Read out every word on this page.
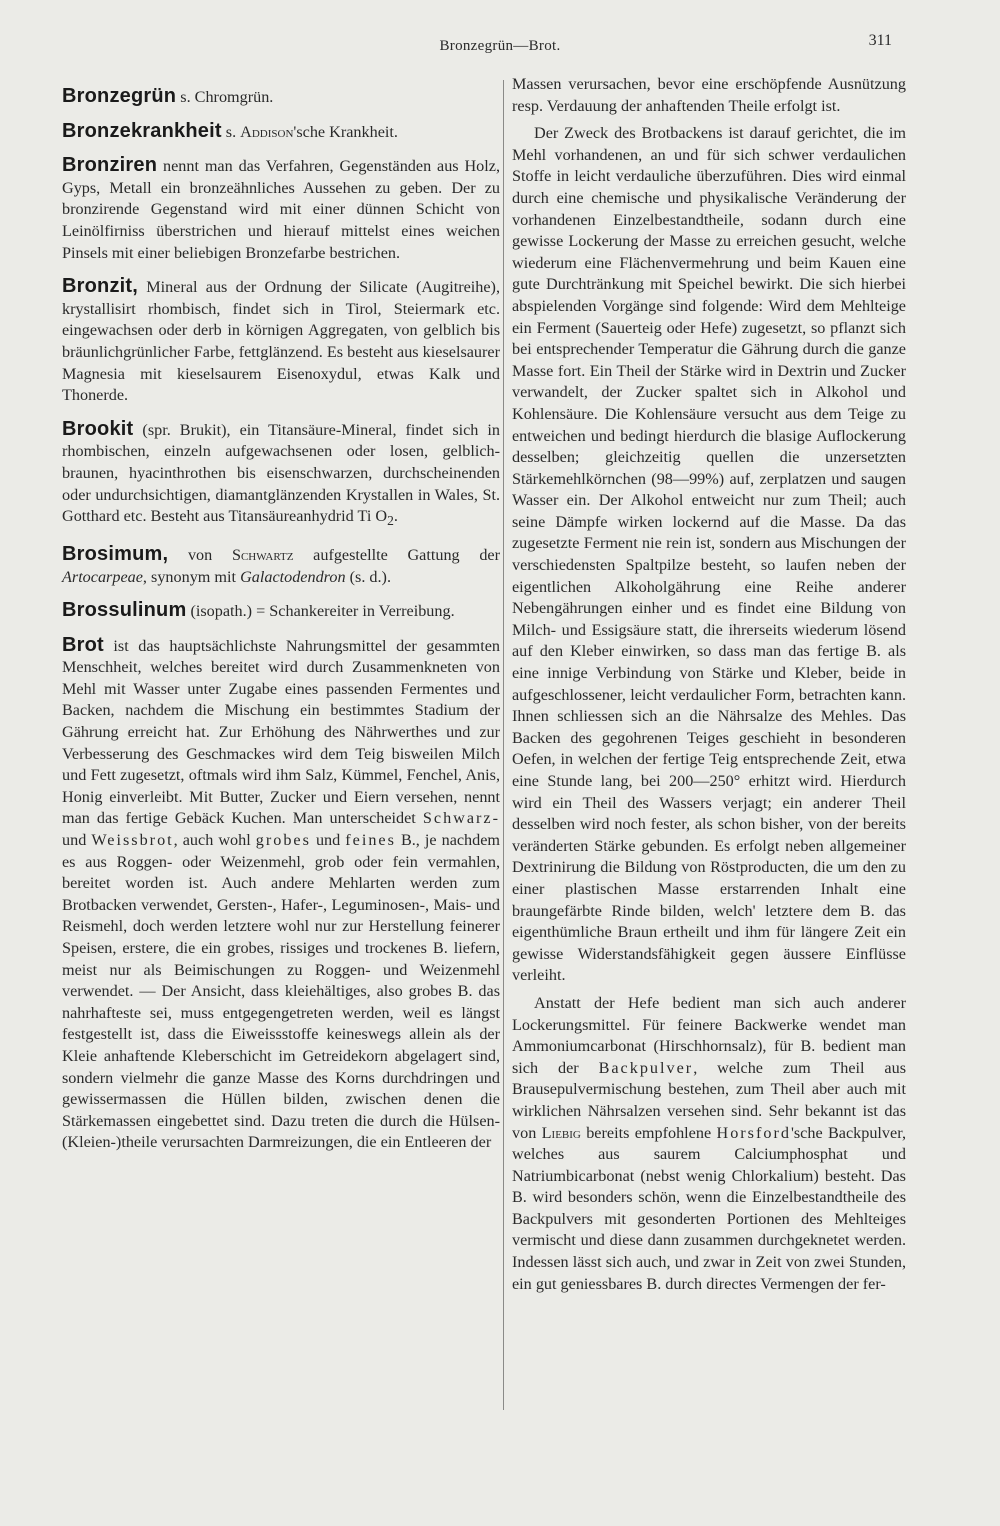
Bronzegrün—Brot.	311

Bronzegrün s. Chromgrün.

Bronzekrankheit s. Addison'sche Krankheit.

Bronziren nennt man das Verfahren, Gegenständen aus Holz, Gyps, Metall ein bronzeähnliches Aussehen zu geben. Der zu bronzirende Gegenstand wird mit einer dünnen Schicht von Leinölfirniss überstrichen und hierauf mittelst eines weichen Pinsels mit einer beliebigen Bronzefarbe bestrichen.

Bronzit, Mineral aus der Ordnung der Silicate (Augitreihe), krystallisirt rhombisch, findet sich in Tirol, Steiermark etc. eingewachsen oder derb in körnigen Aggregaten, von gelblich bis bräunlichgrünlicher Farbe, fettglänzend. Es besteht aus kieselsaurer Magnesia mit kieselsaurem Eisenoxydul, etwas Kalk und Thonerde.

Brookit (spr. Brukit), ein Titansäure-Mineral, findet sich in rhombischen, einzeln aufgewachsenen oder losen, gelblich-braunen, hyacinthrothen bis eisenschwarzen, durchscheinenden oder undurchsichtigen, diamantglänzenden Krystallen in Wales, St. Gotthard etc. Besteht aus Titansäureanhydrid Ti $O_2$.

Brosimum, von Schwartz aufgestellte Gattung der Artocarpeae, synonym mit Galactodendron (s. d.).

Brossulinum (isopath.) = Schankereiter in Verreibung.

Brot ist das hauptsächlichste Nahrungsmittel der gesammten Menschheit, welches bereitet wird durch Zusammenkneten von Mehl mit Wasser unter Zugabe eines passenden Fermentes und Backen, nachdem die Mischung ein bestimmtes Stadium der Gährung erreicht hat. Zur Erhöhung des Nährwerthes und zur Verbesserung des Geschmackes wird dem Teig bisweilen Milch und Fett zugesetzt, oftmals wird ihm Salz, Kümmel, Fenchel, Anis, Honig einverleibt. Mit Butter, Zucker und Eiern versehen, nennt man das fertige Gebäck Kuchen. Man unterscheidet Schwarz- und Weissbrot, auch wohl grobes und feines B., je nachdem es aus Roggen- oder Weizenmehl, grob oder fein vermahlen, bereitet worden ist. Auch andere Mehlarten werden zum Brotbacken verwendet, Gersten-, Hafer-, Leguminosen-, Mais- und Reismehl, doch werden letztere wohl nur zur Herstellung feinerer Speisen, erstere, die ein grobes, rissiges und trockenes B. liefern, meist nur als Beimischungen zu Roggen- und Weizenmehl verwendet. — Der Ansicht, dass kleiehältiges, also grobes B. das nahrhafteste sei, muss entgegengetreten werden, weil es längst festgestellt ist, dass die Eiweissstoffe keineswegs allein als der Kleie anhaftende Kleberschicht im Getreidekorn abgelagert sind, sondern vielmehr die ganze Masse des Korns durchdringen und gewissermassen die Hüllen bilden, zwischen denen die Stärkemassen eingebettet sind. Dazu treten die durch die Hülsen-(Kleien-)theile verursachten Darmreizungen, die ein Entleeren der

Massen verursachen, bevor eine erschöpfende Ausnützung resp. Verdauung der anhaftenden Theile erfolgt ist.

Der Zweck des Brotbackens ist darauf gerichtet, die im Mehl vorhandenen, an und für sich schwer verdaulichen Stoffe in leicht verdauliche überzuführen. Dies wird einmal durch eine chemische und physikalische Veränderung der vorhandenen Einzelbestandtheile, sodann durch eine gewisse Lockerung der Masse zu erreichen gesucht, welche wiederum eine Flächenvermehrung und beim Kauen eine gute Durchtränkung mit Speichel bewirkt. Die sich hierbei abspielenden Vorgänge sind folgende: Wird dem Mehlteige ein Ferment (Sauerteig oder Hefe) zugesetzt, so pflanzt sich bei entsprechender Temperatur die Gährung durch die ganze Masse fort. Ein Theil der Stärke wird in Dextrin und Zucker verwandelt, der Zucker spaltet sich in Alkohol und Kohlensäure. Die Kohlensäure versucht aus dem Teige zu entweichen und bedingt hierdurch die blasige Auflockerung desselben; gleichzeitig quellen die unzersetzten Stärkemehlkörnchen (98—99%) auf, zerplatzen und saugen Wasser ein. Der Alkohol entweicht nur zum Theil; auch seine Dämpfe wirken lockernd auf die Masse. Da das zugesetzte Ferment nie rein ist, sondern aus Mischungen der verschiedensten Spaltpilze besteht, so laufen neben der eigentlichen Alkoholgährung eine Reihe anderer Nebengährungen einher und es findet eine Bildung von Milch- und Essigsäure statt, die ihrerseits wiederum lösend auf den Kleber einwirken, so dass man das fertige B. als eine innige Verbindung von Stärke und Kleber, beide in aufgeschlossener, leicht verdaulicher Form, betrachten kann. Ihnen schliessen sich an die Nährsalze des Mehles. Das Backen des gegohrenen Teiges geschieht in besonderen Oefen, in welchen der fertige Teig entsprechende Zeit, etwa eine Stunde lang, bei 200—250° erhitzt wird. Hierdurch wird ein Theil des Wassers verjagt; ein anderer Theil desselben wird noch fester, als schon bisher, von der bereits veränderten Stärke gebunden. Es erfolgt neben allgemeiner Dextrinirung die Bildung von Röstproducten, die um den zu einer plastischen Masse erstarrenden Inhalt eine braungefärbte Rinde bilden, welch' letztere dem B. das eigenthümliche Braun ertheilt und ihm für längere Zeit ein gewisse Widerstandsfähigkeit gegen äussere Einflüsse verleiht.

Anstatt der Hefe bedient man sich auch anderer Lockerungsmittel. Für feinere Backwerke wendet man Ammoniumcarbonat (Hirschhornsalz), für B. bedient man sich der Backpulver, welche zum Theil aus Brausepulvermischung bestehen, zum Theil aber auch mit wirklichen Nährsalzen versehen sind. Sehr bekannt ist das von Liebig bereits empfohlene Horsford'sche Backpulver, welches aus saurem Calciumphosphat und Natriumbicarbonat (nebst wenig Chlorkalium) besteht. Das B. wird besonders schön, wenn die Einzelbestandtheile des Backpulvers mit gesonderten Portionen des Mehlteiges vermischt und diese dann zusammen durchgeknetet werden. Indessen lässt sich auch, und zwar in Zeit von zwei Stunden, ein gut geniessbares B. durch directes Vermengen der fer-
